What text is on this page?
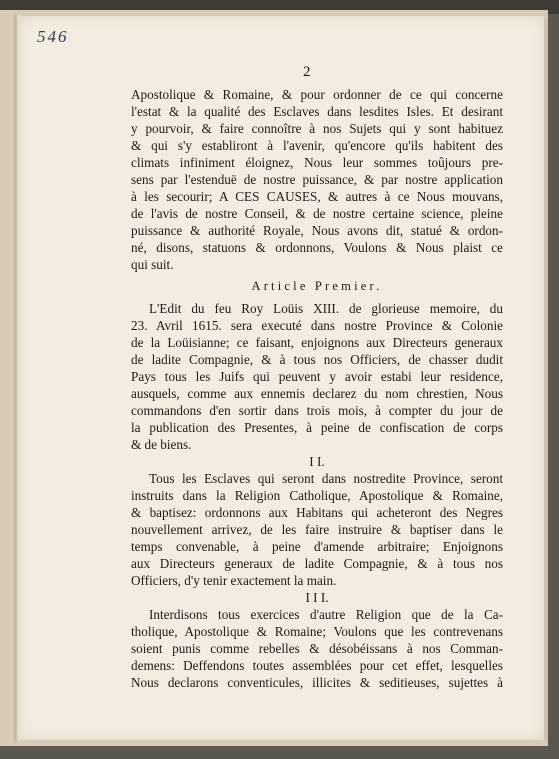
546
2
Apostolique & Romaine, & pour ordonner de ce qui concerne
l'estat & la qualité des Esclaves dans lesdites Isles. Et desirant
y pourvoir, & faire connoître à nos Sujets qui y sont habituez
& qui s'y establiront à l'avenir, qu'encore qu'ils habitent des
climats infiniment éloignez, Nous leur sommes toûjours pre-
sens par l'estenduë de nostre puissance, & par nostre application
à les secourir; A CES CAUSES, & autres à ce Nous mouvans,
de l'avis de nostre Conseil, & de nostre certaine science, pleine
puissance & authorité Royale, Nous avons dit, statué & ordon-
né, disons, statuons & ordonnons, Voulons & Nous plaist ce
qui suit.
Article Premier.
L'Edit du feu Roy Loüis XIII. de glorieuse memoire, du
23. Avril 1615. sera executé dans nostre Province & Colonie
de la Loüisianne; ce faisant, enjoignons aux Directeurs generaux
de ladite Compagnie, & à tous nos Officiers, de chasser dudit
Pays tous les Juifs qui peuvent y avoir estabi leur residence,
ausquels, comme aux ennemis declarez du nom chrestien, Nous
commandons d'en sortir dans trois mois, à compter du jour de
la publication des Presentes, à peine de confiscation de corps
& de biens.
I I.
Tous les Esclaves qui seront dans nostredite Province, seront
instruits dans la Religion Catholique, Apostolique & Romaine,
& baptisez: ordonnons aux Habitans qui acheteront des Negres
nouvellement arrivez, de les faire instruire & baptiser dans le
temps convenable, à peine d'amende arbitraire; Enjoignons
aux Directeurs generaux de ladite Compagnie, & à tous nos
Officiers, d'y tenir exactement la main.
I I I.
Interdisons tous exercices d'autre Religion que de la Ca-
tholique, Apostolique & Romaine; Voulons que les contrevenans
soient punis comme rebelles & désobéissans à nos Comman-
demens: Deffendons toutes assemblées pour cet effet, lesquelles
Nous declarons conventicules, illicites & seditieuses, sujettes à
